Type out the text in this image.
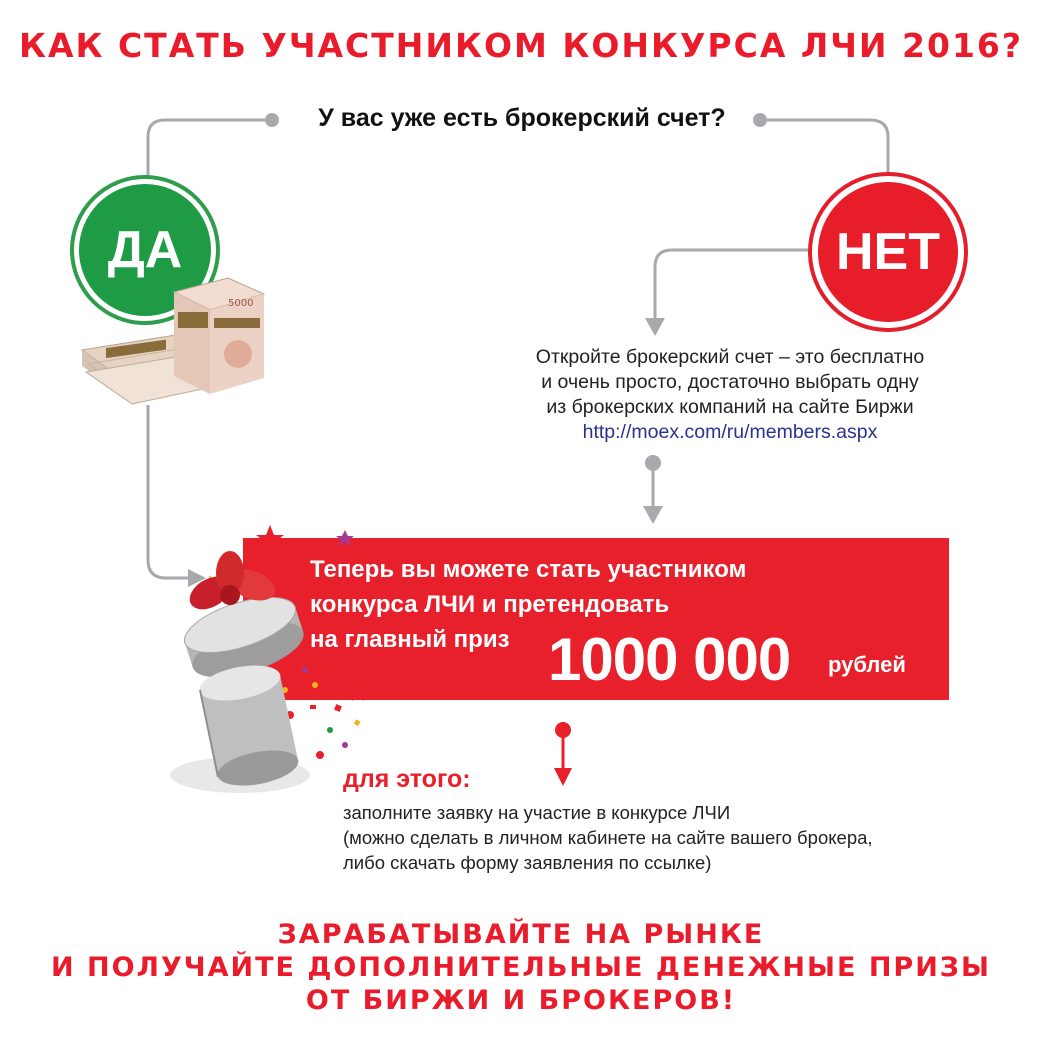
КАК СТАТЬ УЧАСТНИКОМ КОНКУРСА ЛЧИ 2016?
У вас уже есть брокерский счет?
ДА	НЕТ
5000
Откройте брокерский счет – это бесплатно
и очень просто, достаточно выбрать одну
из брокерских компаний на сайте Биржи
http://moex.com/ru/members.aspx
Теперь вы можете стать участником
конкурса ЛЧИ и претендовать
на главный приз 1000 000 рублей
для этого:
заполните заявку на участие в конкурсе ЛЧИ
(можно сделать в личном кабинете на сайте вашего брокера,
либо скачать форму заявления по ссылке)
ЗАРАБАТЫВАЙТЕ НА РЫНКЕ
И ПОЛУЧАЙТЕ ДОПОЛНИТЕЛЬНЫЕ ДЕНЕЖНЫЕ ПРИЗЫ
ОТ БИРЖИ И БРОКЕРОВ!
